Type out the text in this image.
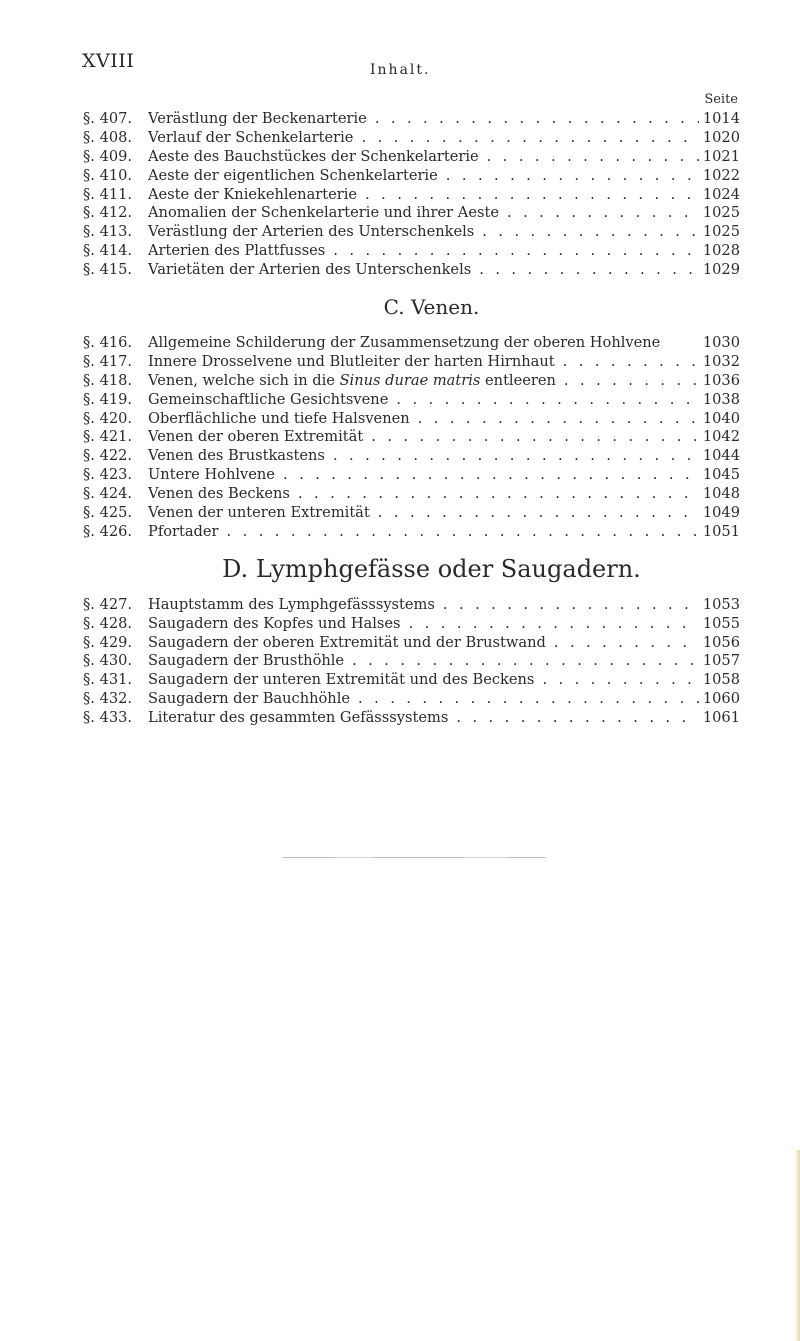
XVIII	Inhalt.
Seite
§. 407.	Verästlung der Beckenarterie . . .	1014
§. 408.	Verlauf der Schenkelarterie . . .	1020
§. 409.	Aeste des Bauchstückes der Schenkelarterie . . .	1021
§. 410.	Aeste der eigentlichen Schenkelarterie . . .	1022
§. 411.	Aeste der Kniekehlenarterie . . .	1024
§. 412.	Anomalien der Schenkelarterie und ihrer Aeste . . .	1025
§. 413.	Verästlung der Arterien des Unterschenkels . . .	1025
§. 414.	Arterien des Plattfusses . . .	1028
§. 415.	Varietäten der Arterien des Unterschenkels . . .	1029
C. Venen.
§. 416.	Allgemeine Schilderung der Zusammensetzung der oberen Hohlvene	1030
§. 417.	Innere Drosselvene und Blutleiter der harten Hirnhaut . . .	1032
§. 418.	Venen, welche sich in die Sinus durae matris entleeren . . .	1036
§. 419.	Gemeinschaftliche Gesichtsvene . . .	1038
§. 420.	Oberflächliche und tiefe Halsvenen . . .	1040
§. 421.	Venen der oberen Extremität . . .	1042
§. 422.	Venen des Brustkastens . . .	1044
§. 423.	Untere Hohlvene . . .	1045
§. 424.	Venen des Beckens . . .	1048
§. 425.	Venen der unteren Extremität . . .	1049
§. 426.	Pfortader . . .	1051
D. Lymphgefässe oder Saugadern.
§. 427.	Hauptstamm des Lymphgefässsystems . . .	1053
§. 428.	Saugadern des Kopfes und Halses . . .	1055
§. 429.	Saugadern der oberen Extremität und der Brustwand . . .	1056
§. 430.	Saugadern der Brusthöhle . . .	1057
§. 431.	Saugadern der unteren Extremität und des Beckens . . .	1058
§. 432.	Saugadern der Bauchhöhle . . .	1060
§. 433.	Literatur des gesammten Gefässsystems . . .	1061
